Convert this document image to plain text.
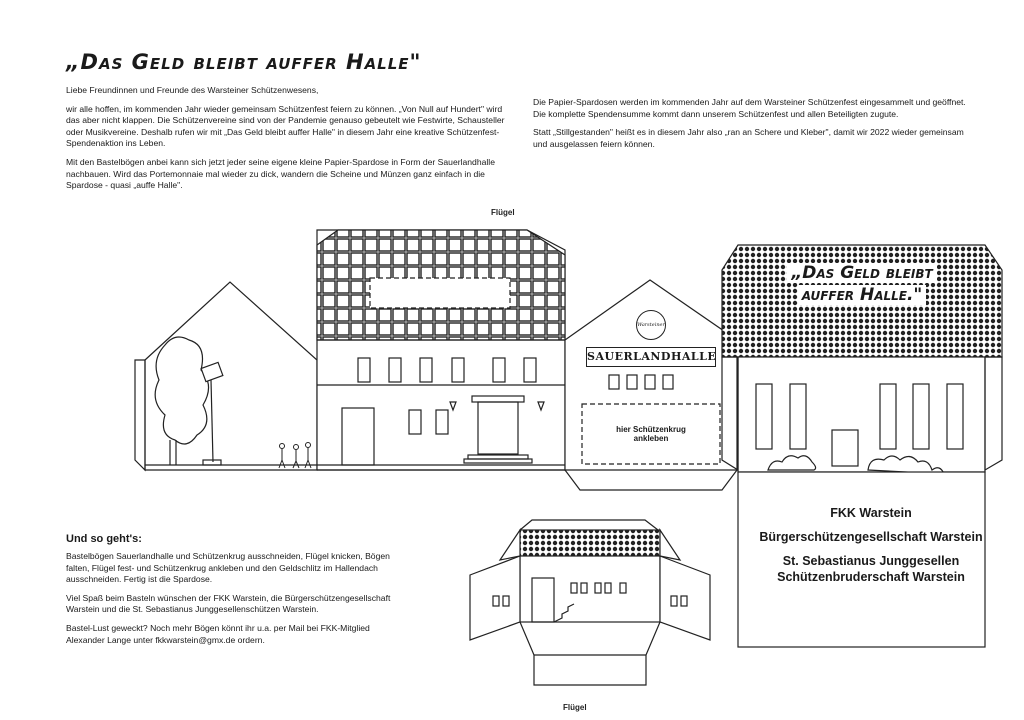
„Das Geld bleibt auffer Halle"

Liebe Freundinnen und Freunde des Warsteiner Schützenwesens,

wir alle hoffen, im kommenden Jahr wieder gemeinsam Schützenfest feiern zu können. „Von Null auf Hundert" wird das aber nicht klappen. Die Schützenvereine sind von der Pandemie genauso gebeutelt wie Festwirte, Schausteller oder Musikvereine. Deshalb rufen wir mit „Das Geld bleibt auffer Halle" in diesem Jahr eine kreative Schützenfest-Spendenaktion ins Leben.

Mit den Bastelbögen anbei kann sich jetzt jeder seine eigene kleine Papier-Spardose in Form der Sauerlandhalle nachbauen. Wird das Portemonnaie mal wieder zu dick, wandern die Scheine und Münzen ganz einfach in die Spardose - quasi „auffe Halle".

Die Papier-Spardosen werden im kommenden Jahr auf dem Warsteiner Schützenfest eingesammelt und geöffnet. Die komplette Spendensumme kommt dann unserem Schützenfest und allen Beteiligten zugute.

Statt „Stillgestanden" heißt es in diesem Jahr also „ran an Schere und Kleber", damit wir 2022 wieder gemeinsam und ausgelassen feiern können.

Flügel
Flügel
Warsteiner
SAUERLANDHALLE
hier Schützenkrug ankleben
„Das Geld bleibt
auffer Halle."
FKK Warstein
Bürgerschützengesellschaft Warstein
St. Sebastianus Junggesellen Schützenbruderschaft Warstein
Und so geht's:

Bastelbögen Sauerlandhalle und Schützenkrug ausschneiden, Flügel knicken, Bögen falten, Flügel fest- und Schützenkrug ankleben und den Geldschlitz im Hallendach ausschneiden. Fertig ist die Spardose.

Viel Spaß beim Basteln wünschen der FKK Warstein, die Bürgerschützengesellschaft Warstein und die St. Sebastianus Junggesellenschützen Warstein.

Bastel-Lust geweckt? Noch mehr Bögen könnt ihr u.a. per Mail bei FKK-Mitglied Alexander Lange unter fkkwarstein@gmx.de ordern.
